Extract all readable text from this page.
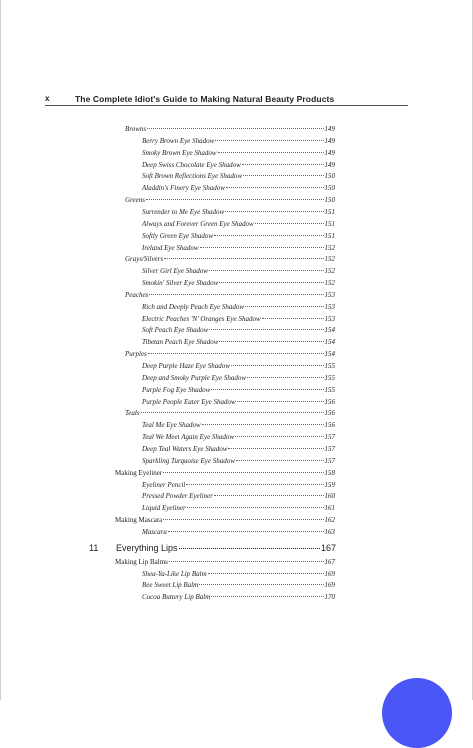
x	The Complete Idiot's Guide to Making Natural Beauty Products
Browns	149
Berry Brown Eye Shadow	149
Smoky Brown Eye Shadow	149
Deep Swiss Chocolate Eye Shadow	149
Soft Brown Reflections Eye Shadow	150
Aladdin's Finery Eye Shadow	150
Greens	150
Surrender to Me Eye Shadow	151
Always and Forever Green Eye Shadow	151
Softly Green Eye Shadow	151
Ireland Eye Shadow	152
Grays/Silvers	152
Silver Girl Eye Shadow	152
Smokin' Silver Eye Shadow	152
Peaches	153
Rich and Deeply Peach Eye Shadow	153
Electric Peaches 'N' Oranges Eye Shadow	153
Soft Peach Eye Shadow	154
Tibetan Peach Eye Shadow	154
Purples	154
Deep Purple Haze Eye Shadow	155
Deep and Smoky Purple Eye Shadow	155
Purple Fog Eye Shadow	155
Purple People Eater Eye Shadow	156
Teals	156
Teal Me Eye Shadow	156
Teal We Meet Again Eye Shadow	157
Deep Teal Waters Eye Shadow	157
Sparkling Turquoise Eye Shadow	157
Making Eyeliner	158
Eyeliner Pencil	159
Pressed Powder Eyeliner	160
Liquid Eyeliner	161
Making Mascara	162
Mascara	163
11 Everything Lips	167
Making Lip Balms	167
Shea-Ya-Like Lip Balm	169
Bee Sweet Lip Balm	169
Cocoa Buttery Lip Balm	170
